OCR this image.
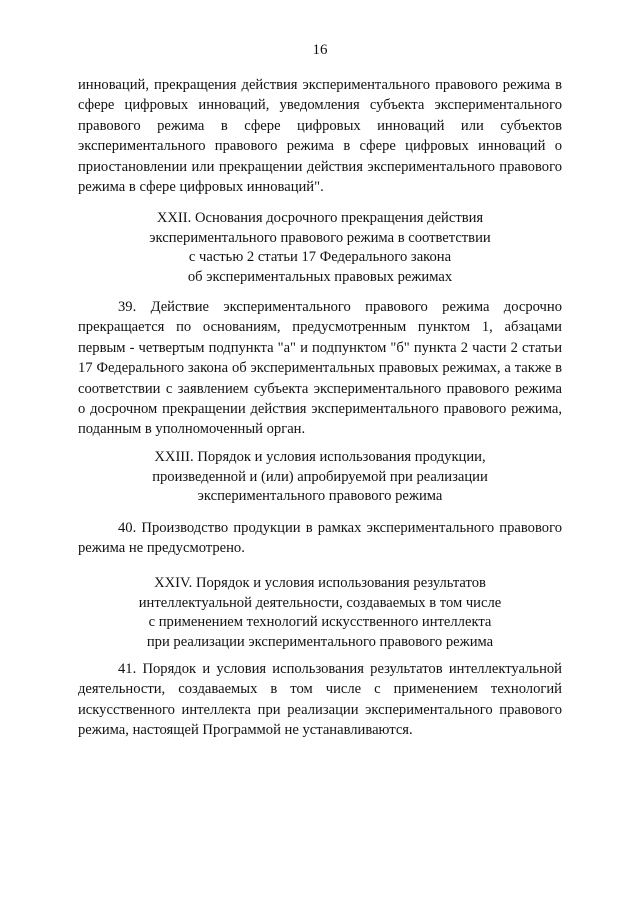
16

инноваций, прекращения действия экспериментального правового режима в сфере цифровых инноваций, уведомления субъекта экспериментального правового режима в сфере цифровых инноваций или субъектов экспериментального правового режима в сфере цифровых инноваций о приостановлении или прекращении действия экспериментального правового режима в сфере цифровых инноваций".

XXII. Основания досрочного прекращения действия
экспериментального правового режима в соответствии
с частью 2 статьи 17 Федерального закона
об экспериментальных правовых режимах

39. Действие экспериментального правового режима досрочно прекращается по основаниям, предусмотренным пунктом 1, абзацами первым - четвертым подпункта "а" и подпунктом "б" пункта 2 части 2 статьи 17 Федерального закона об экспериментальных правовых режимах, а также в соответствии с заявлением субъекта экспериментального правового режима о досрочном прекращении действия экспериментального правового режима, поданным в уполномоченный орган.

XXIII. Порядок и условия использования продукции,
произведенной и (или) апробируемой при реализации
экспериментального правового режима

40. Производство продукции в рамках экспериментального правового режима не предусмотрено.

XXIV. Порядок и условия использования результатов
интеллектуальной деятельности, создаваемых в том числе
с применением технологий искусственного интеллекта
при реализации экспериментального правового режима

41. Порядок и условия использования результатов интеллектуальной деятельности, создаваемых в том числе с применением технологий искусственного интеллекта при реализации экспериментального правового режима, настоящей Программой не устанавливаются.
